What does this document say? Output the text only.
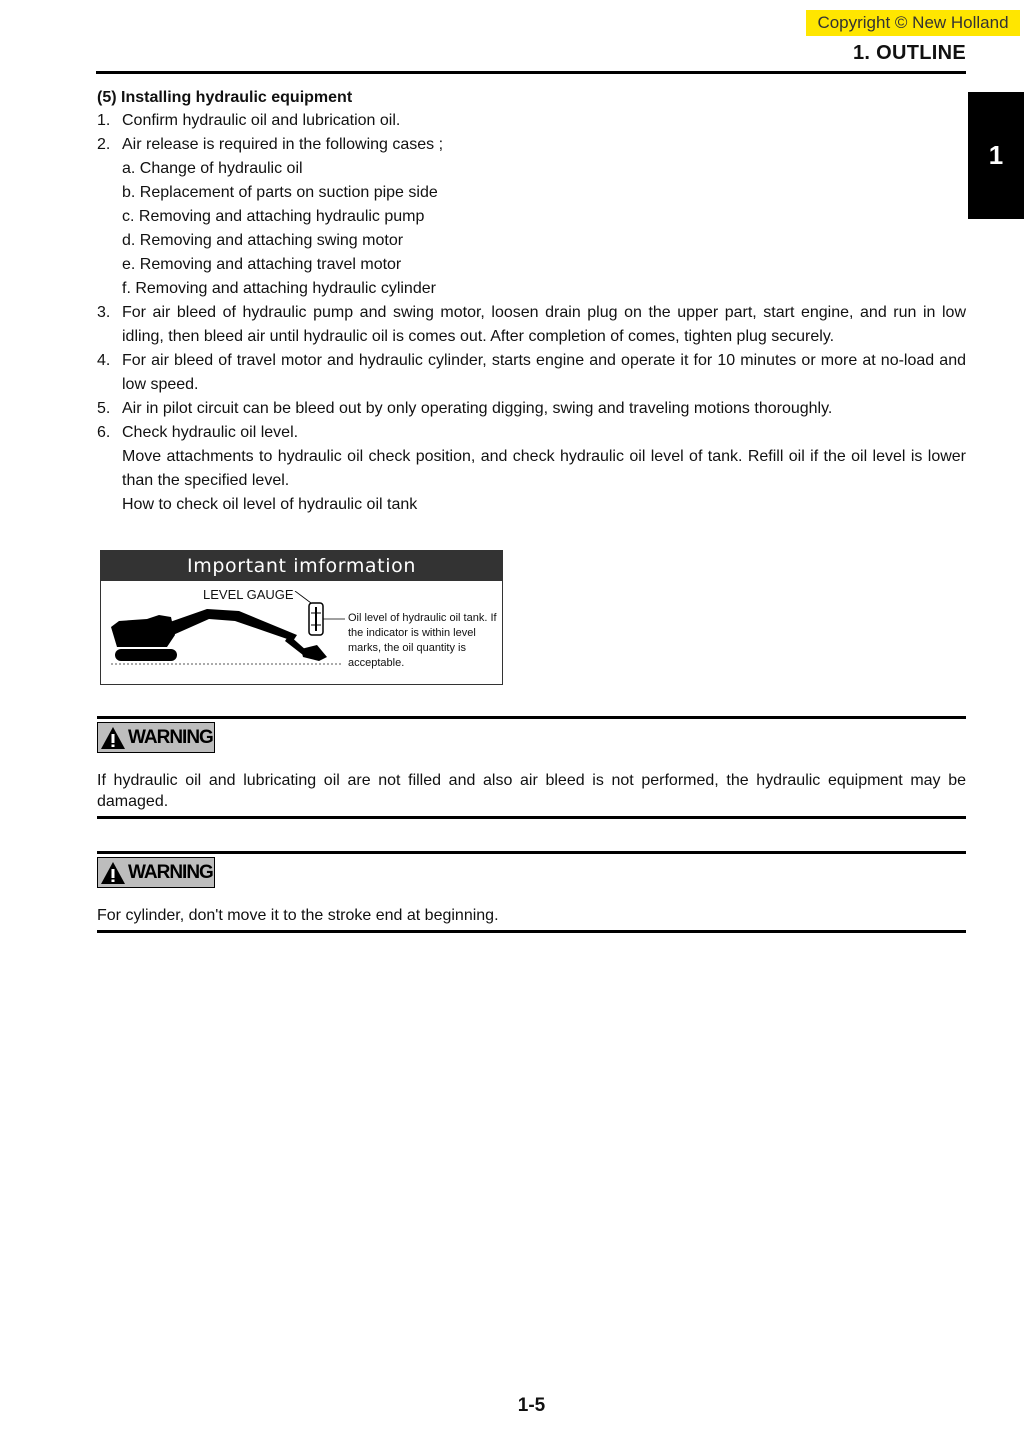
Copyright © New Holland
1. OUTLINE
1
(5) Installing hydraulic equipment
1. Confirm hydraulic oil and lubrication oil.
2. Air release is required in the following cases ;
a. Change of hydraulic oil
b. Replacement of parts on suction pipe side
c. Removing and attaching hydraulic pump
d. Removing and attaching swing motor
e. Removing and attaching travel motor
f. Removing and attaching hydraulic cylinder
3. For air bleed of hydraulic pump and swing motor, loosen drain plug on the upper part, start engine, and run in low idling, then bleed air until hydraulic oil is comes out. After completion of comes, tighten plug securely.
4. For air bleed of travel motor and hydraulic cylinder, starts engine and operate it for 10 minutes or more at no-load and low speed.
5. Air in pilot circuit can be bleed out by only operating digging, swing and traveling motions thoroughly.
6. Check hydraulic oil level.
Move attachments to hydraulic oil check position, and check hydraulic oil level of tank. Refill oil if the oil level is lower than the specified level.
How to check oil level of hydraulic oil tank
Important imformation
LEVEL GAUGE
Oil level of hydraulic oil tank. If the indicator is within level marks, the oil quantity is acceptable.
WARNING
If hydraulic oil and lubricating oil are not filled and also air bleed is not performed, the hydraulic equipment may be damaged.
WARNING
For cylinder, don't move it to the stroke end at beginning.
1-5
